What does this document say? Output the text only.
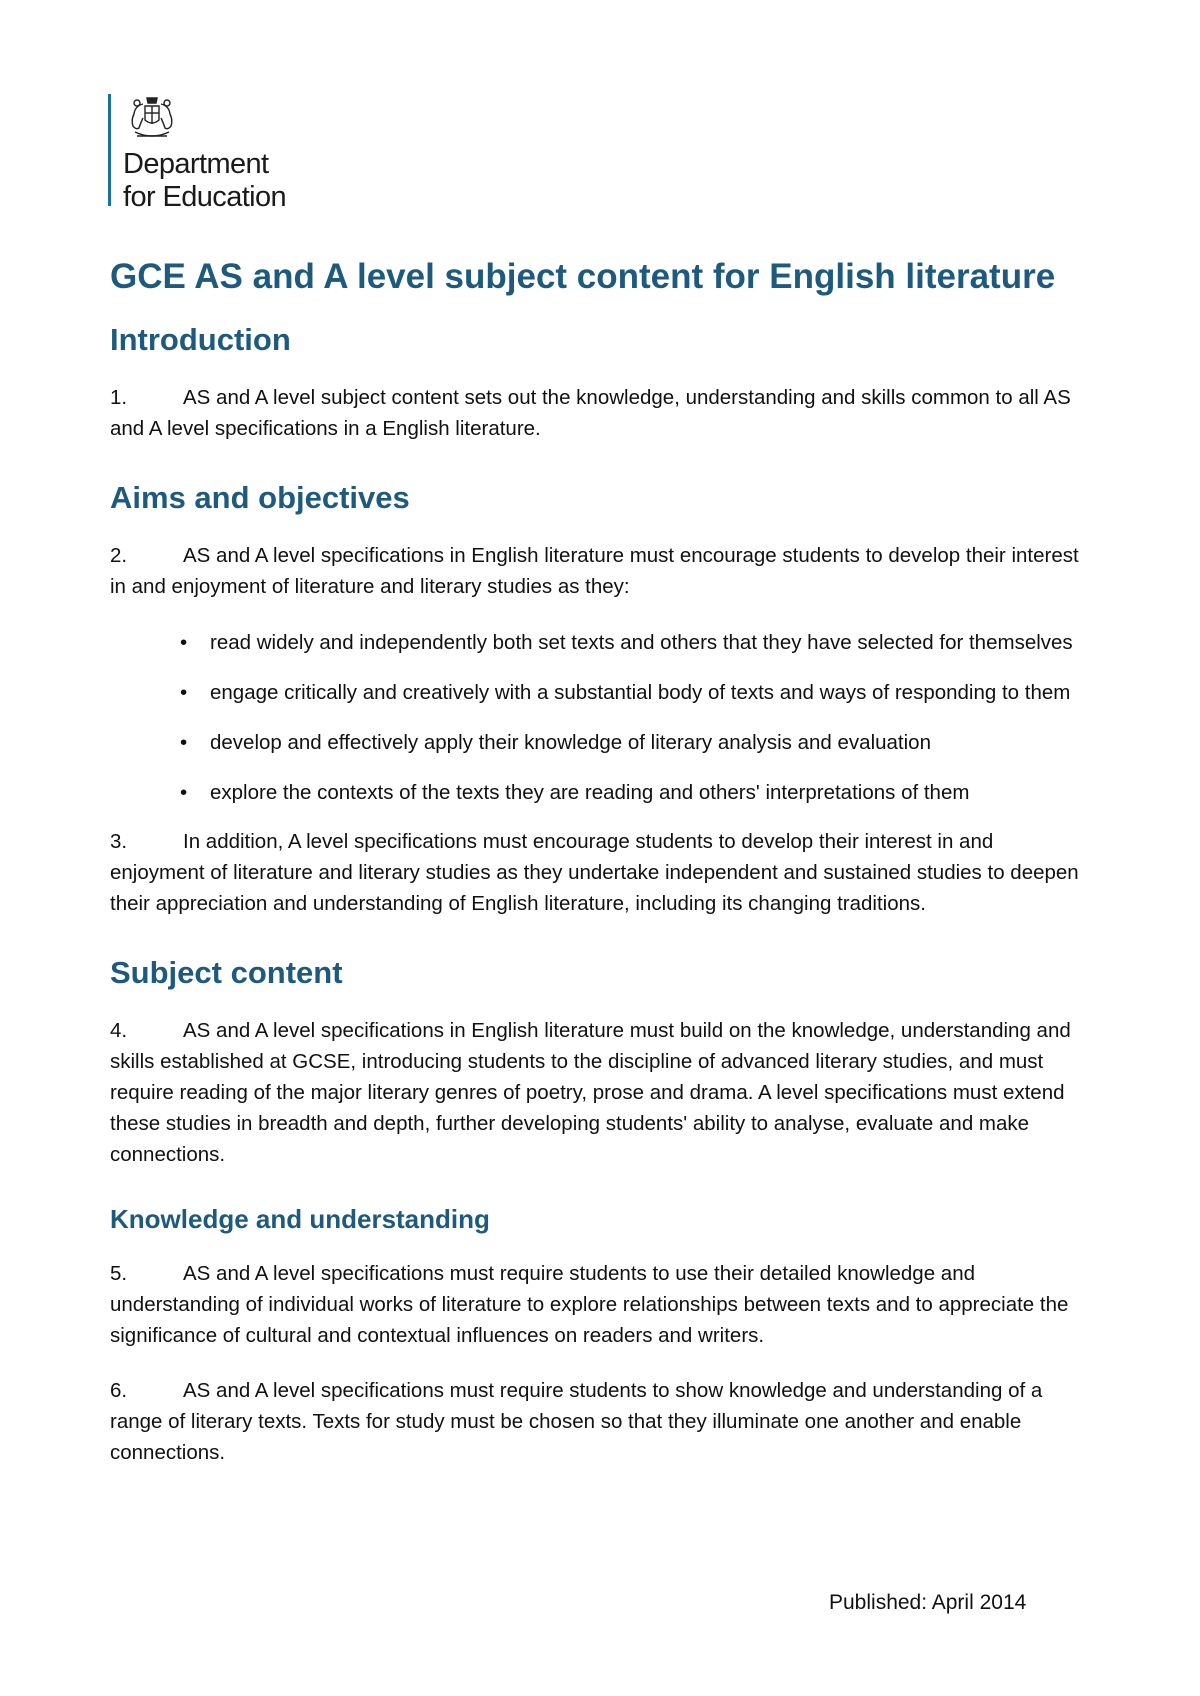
Department
for Education
GCE AS and A level subject content for English literature
Introduction

1.	AS and A level subject content sets out the knowledge, understanding and skills common to all AS and A level specifications in a English literature.

Aims and objectives

2.	AS and A level specifications in English literature must encourage students to develop their interest in and enjoyment of literature and literary studies as they:

• read widely and independently both set texts and others that they have selected for themselves
• engage critically and creatively with a substantial body of texts and ways of responding to them
• develop and effectively apply their knowledge of literary analysis and evaluation
• explore the contexts of the texts they are reading and others' interpretations of them

3.	In addition, A level specifications must encourage students to develop their interest in and enjoyment of literature and literary studies as they undertake independent and sustained studies to deepen their appreciation and understanding of English literature, including its changing traditions.

Subject content

4.	AS and A level specifications in English literature must build on the knowledge, understanding and skills established at GCSE, introducing students to the discipline of advanced literary studies, and must require reading of the major literary genres of poetry, prose and drama. A level specifications must extend these studies in breadth and depth, further developing students' ability to analyse, evaluate and make connections.

Knowledge and understanding

5.	AS and A level specifications must require students to use their detailed knowledge and understanding of individual works of literature to explore relationships between texts and to appreciate the significance of cultural and contextual influences on readers and writers.

6.	AS and A level specifications must require students to show knowledge and understanding of a range of literary texts. Texts for study must be chosen so that they illuminate one another and enable connections.

Published: April 2014
